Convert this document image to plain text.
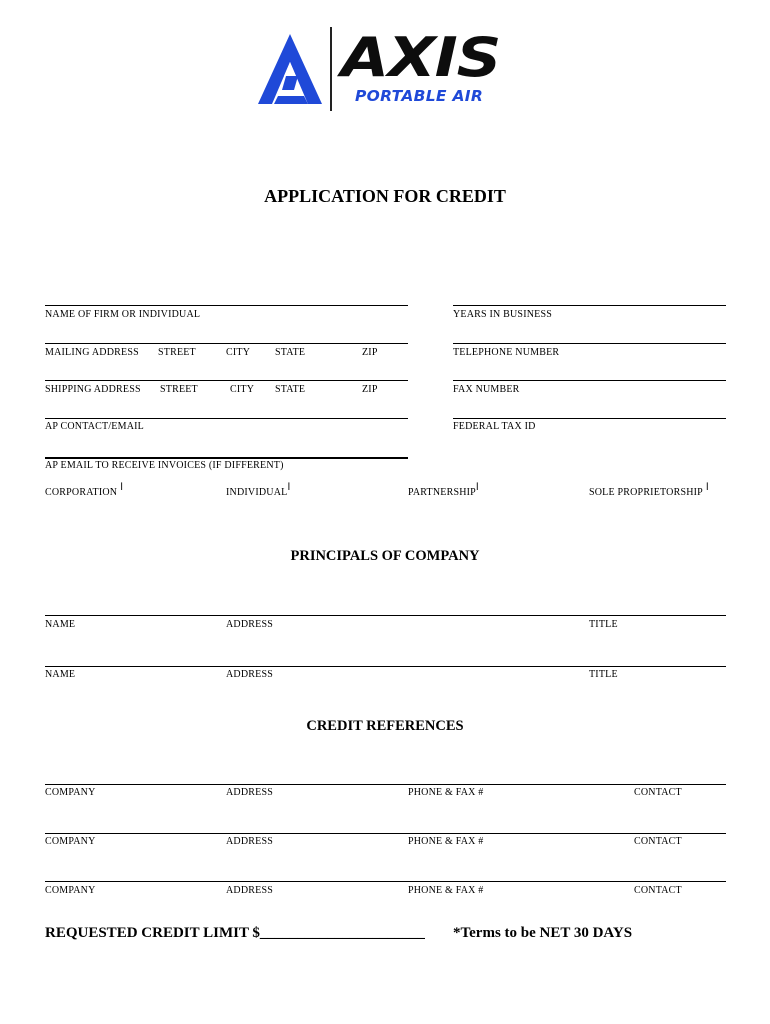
AXIS
PORTABLE AIR
APPLICATION FOR CREDIT
NAME OF FIRM OR INDIVIDUAL	YEARS IN BUSINESS
MAILING ADDRESS STREET	CITY STATE	ZIP	TELEPHONE NUMBER
SHIPPING ADDRESS STREET	CITY STATE	ZIP	FAX NUMBER
AP CONTACT/EMAIL	FEDERAL TAX ID
AP EMAIL TO RECEIVE INVOICES (IF DIFFERENT)
CORPORATION ا	INDIVIDUALا	PARTNERSHIPا	SOLE PROPRIETORSHIP ا
PRINCIPALS OF COMPANY
NAME	ADDRESS	TITLE
NAME	ADDRESS	TITLE
CREDIT REFERENCES
COMPANY	ADDRESS	PHONE & FAX #	CONTACT
COMPANY	ADDRESS	PHONE & FAX #	CONTACT
COMPANY	ADDRESS	PHONE & FAX #	CONTACT
REQUESTED CREDIT LIMIT $______________________ *Terms to be NET 30 DAYS
